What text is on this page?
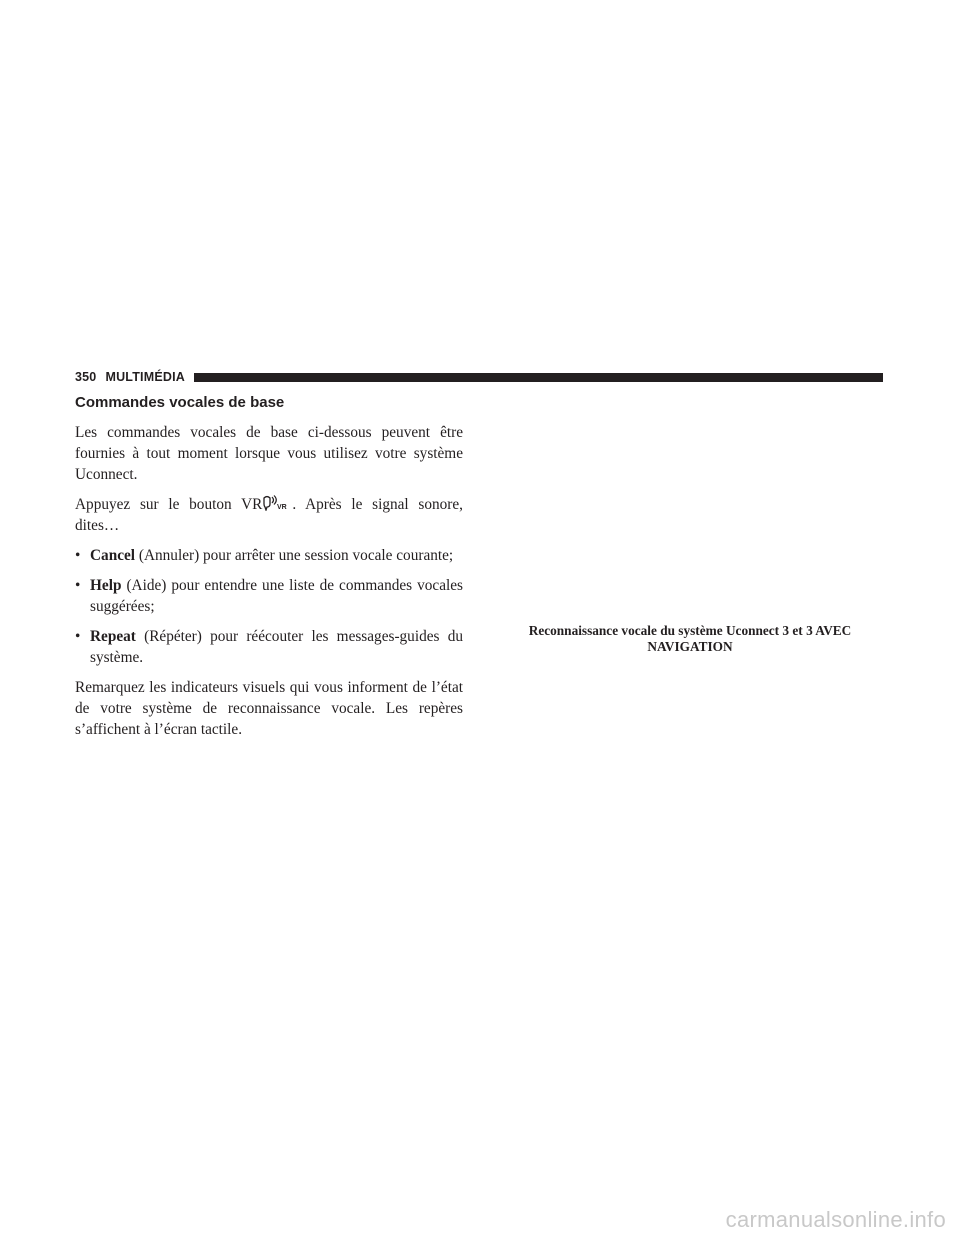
350 MULTIMÉDIA
Commandes vocales de base

Les commandes vocales de base ci-dessous peuvent être fournies à tout moment lorsque vous utilisez votre système Uconnect.

Appuyez sur le bouton VR VR . Après le signal sonore, dites…

• Cancel (Annuler) pour arrêter une session vocale courante;
• Help (Aide) pour entendre une liste de commandes vocales suggérées;
• Repeat (Répéter) pour réécouter les messages-guides du système.

Remarquez les indicateurs visuels qui vous informent de l’état de votre système de reconnaissance vocale. Les repères s’affichent à l’écran tactile.

Reconnaissance vocale du système Uconnect 3 et 3 AVEC
NAVIGATION
carmanualsonline.info
